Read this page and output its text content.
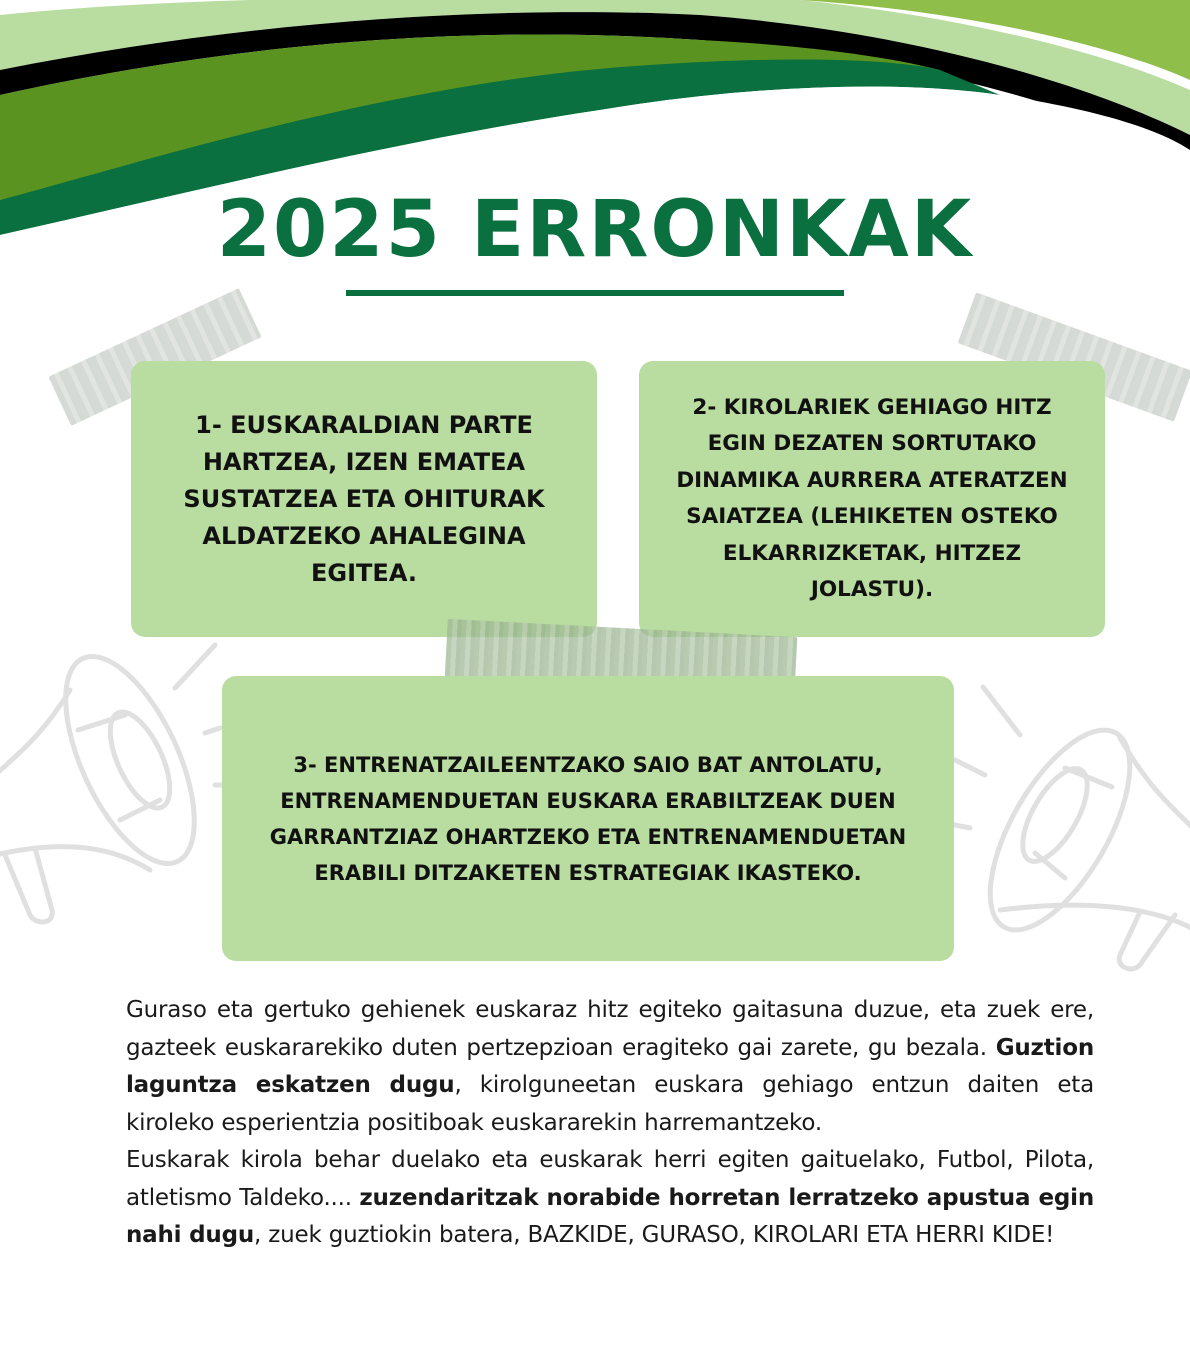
2025 ERRONKAK
1- EUSKARALDIAN PARTE HARTZEA, IZEN EMATEA SUSTATZEA ETA OHITURAK ALDATZEKO AHALEGINA EGITEA.
2- KIROLARIEK GEHIAGO HITZ EGIN DEZATEN SORTUTAKO DINAMIKA AURRERA ATERATZEN SAIATZEA (LEHIKETEN OSTEKO ELKARRIZKETAK, HITZEZ JOLASTU).
3- ENTRENATZAILEENTZAKO SAIO BAT ANTOLATU, ENTRENAMENDUETAN EUSKARA ERABILTZEAK DUEN GARRANTZIAZ OHARTZEKO ETA ENTRENAMENDUETAN ERABILI DITZAKETEN ESTRATEGIAK IKASTEKO.

Guraso eta gertuko gehienek euskaraz hitz egiteko gaitasuna duzue, eta zuek ere, gazteek euskararekiko duten pertzepzioan eragiteko gai zarete, gu bezala. Guztion laguntza eskatzen dugu, kirolguneetan euskara gehiago entzun daiten eta kiroleko esperientzia positiboak euskararekin harremantzeko.

Euskarak kirola behar duelako eta euskarak herri egiten gaituelako, Futbol, Pilota, atletismo Taldeko.... zuzendaritzak norabide horretan lerratzeko apustua egin nahi dugu, zuek guztiokin batera, BAZKIDE, GURASO, KIROLARI ETA HERRI KIDE!
